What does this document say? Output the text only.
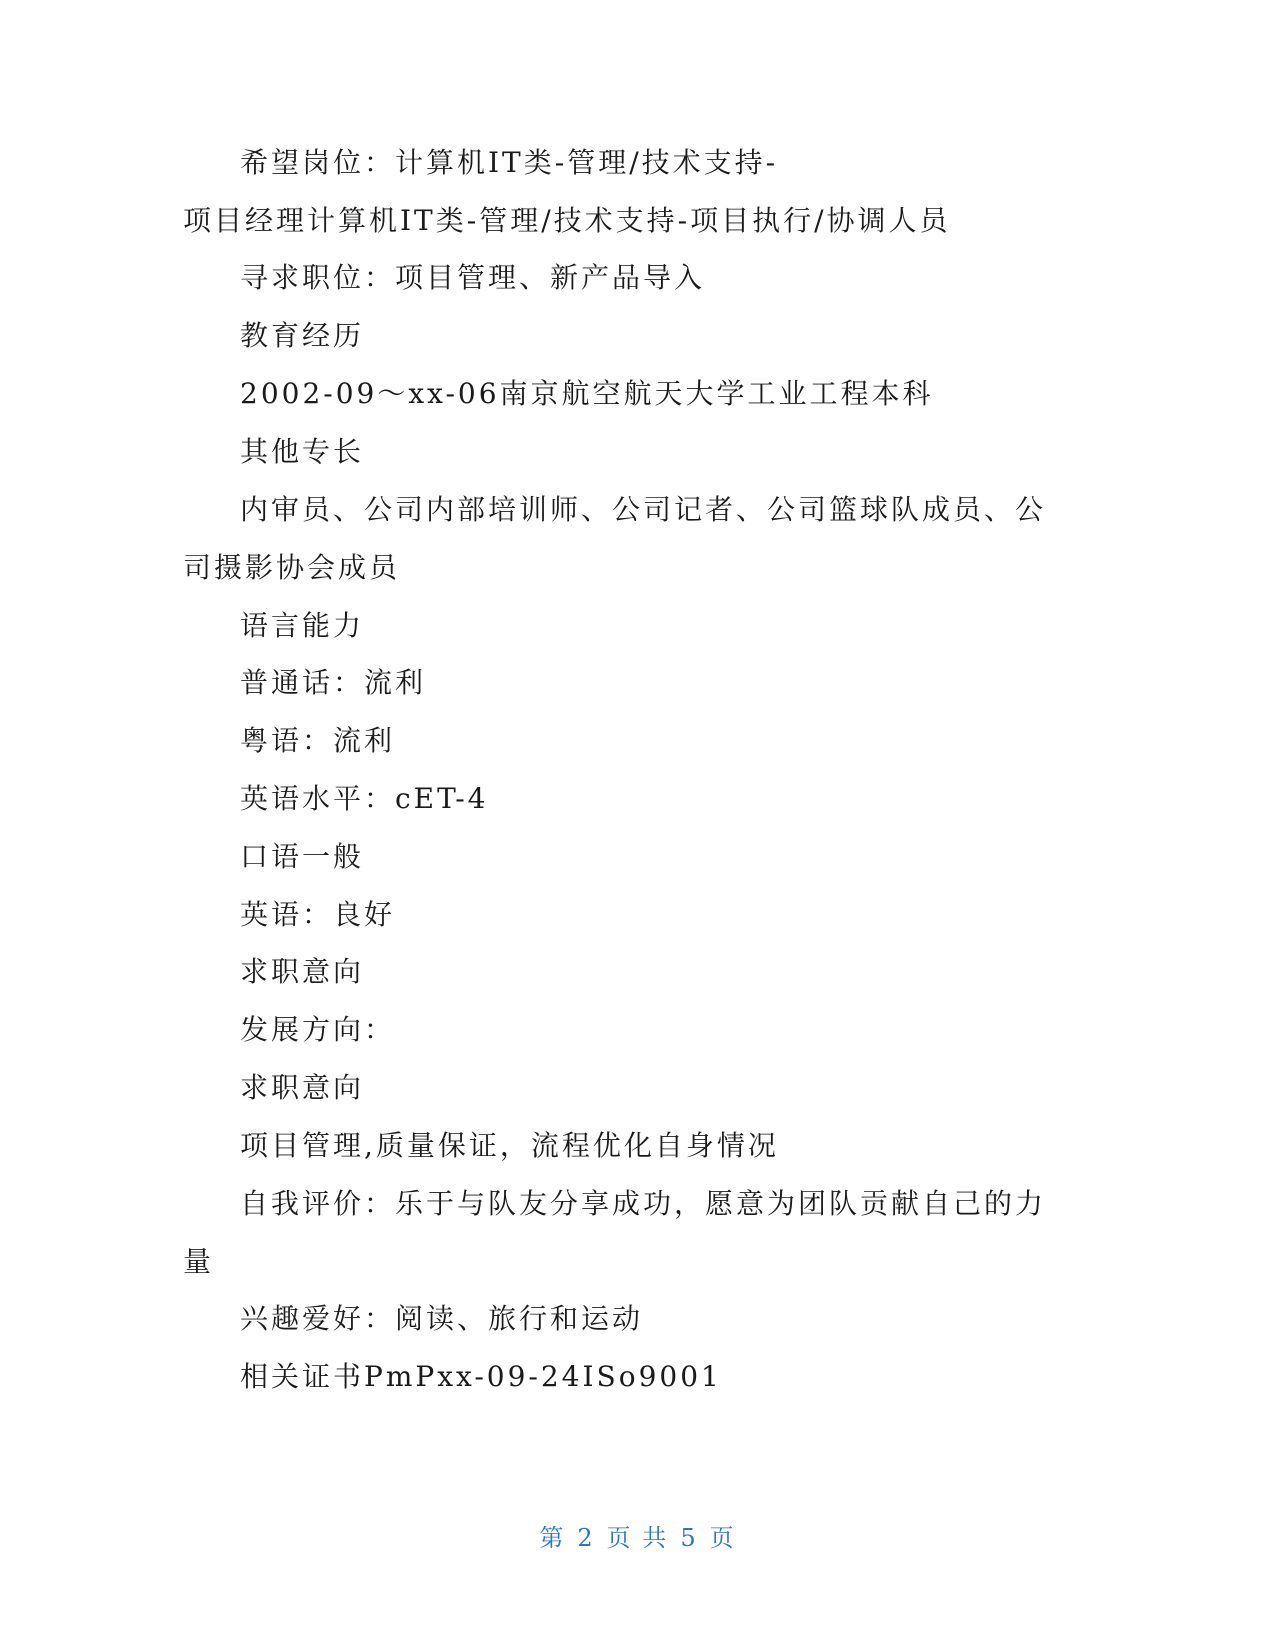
希望岗位：计算机IT类-管理/技术支持-
项目经理计算机IT类-管理/技术支持-项目执行/协调人员
寻求职位：项目管理、新产品导入
教育经历
2002-09～xx-06南京航空航天大学工业工程本科
其他专长
内审员、公司内部培训师、公司记者、公司篮球队成员、公
司摄影协会成员
语言能力
普通话：流利
粤语：流利
英语水平：cET-4
口语一般
英语：良好
求职意向
发展方向：
求职意向
项目管理,质量保证，流程优化自身情况
自我评价：乐于与队友分享成功，愿意为团队贡献自己的力
量
兴趣爱好：阅读、旅行和运动
相关证书PmPxx-09-24ISo9001
第 2 页 共 5 页
